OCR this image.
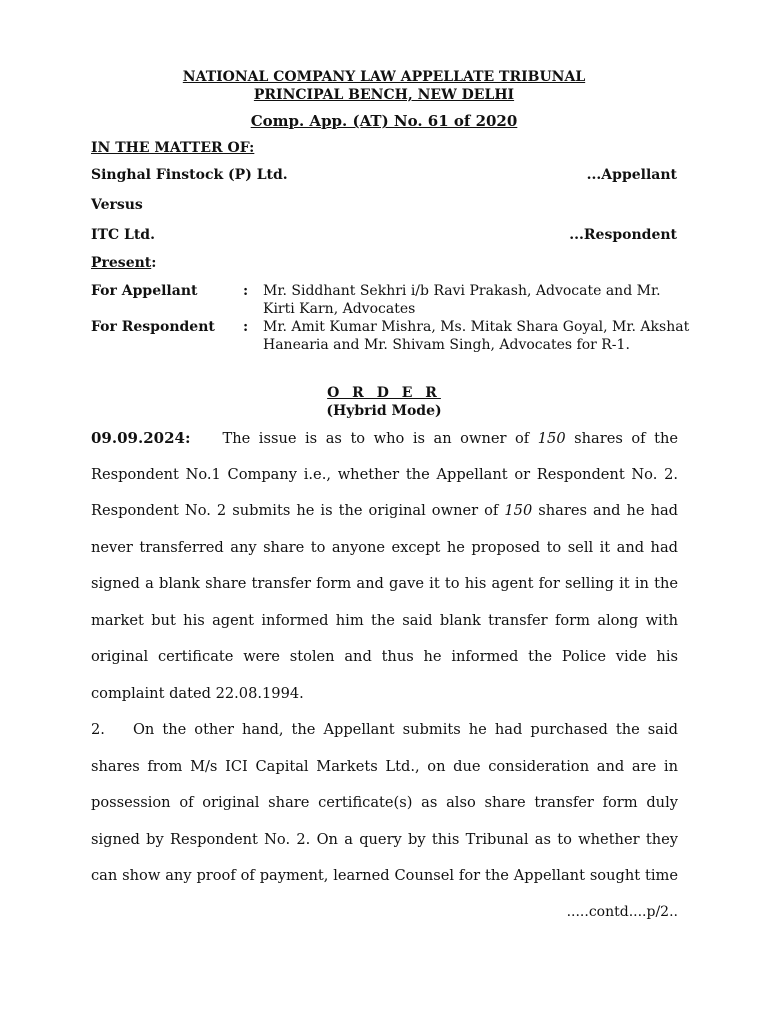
NATIONAL COMPANY LAW APPELLATE TRIBUNAL
PRINCIPAL BENCH, NEW DELHI
Comp. App. (AT) No. 61 of 2020
IN THE MATTER OF:
Singhal Finstock (P) Ltd.	...Appellant
Versus
ITC Ltd.	...Respondent
Present:
For Appellant	: Mr. Siddhant Sekhri i/b Ravi Prakash, Advocate and Mr. Kirti Karn, Advocates
For Respondent : Mr. Amit Kumar Mishra, Ms. Mitak Shara Goyal, Mr. Akshat Hanearia and Mr. Shivam Singh, Advocates for R-1.
O R D E R
(Hybrid Mode)
09.09.2024: The issue is as to who is an owner of 150 shares of the
Respondent No.1 Company i.e., whether the Appellant or Respondent No. 2.
Respondent No. 2 submits he is the original owner of 150 shares and he had
never transferred any share to anyone except he proposed to sell it and had
signed a blank share transfer form and gave it to his agent for selling it in the
market but his agent informed him the said blank transfer form along with
original certificate were stolen and thus he informed the Police vide his
complaint dated 22.08.1994.
2. On the other hand, the Appellant submits he had purchased the said
shares from M/s ICI Capital Markets Ltd., on due consideration and are in
possession of original share certificate(s) as also share transfer form duly
signed by Respondent No. 2. On a query by this Tribunal as to whether they
can show any proof of payment, learned Counsel for the Appellant sought time
.....contd....p/2..
